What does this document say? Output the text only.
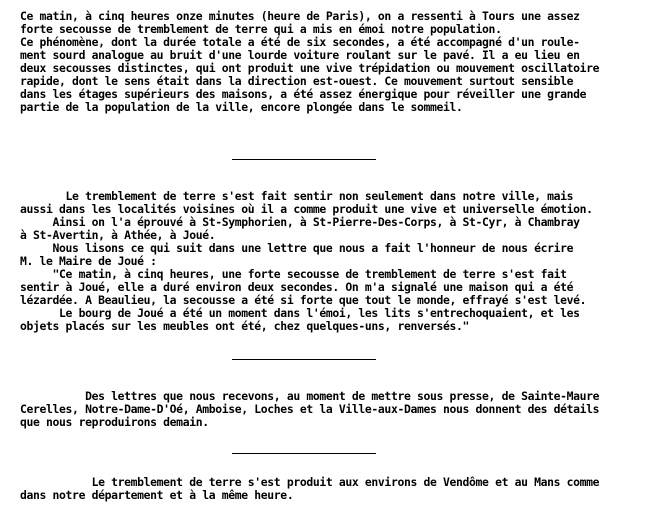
Ce matin, à cinq heures onze minutes (heure de Paris), on a ressenti à Tours une assez
forte secousse de tremblement de terre qui a mis en émoi notre population.
Ce phénomène, dont la durée totale a été de six secondes, a été accompagné d'un roule-
ment sourd analogue au bruit d'une lourde voiture roulant sur le pavé. Il a eu lieu en
deux secousses distinctes, qui ont produit une vive trépidation ou mouvement oscillatoire
rapide, dont le sens était dans la direction est-ouest. Ce mouvement surtout sensible
dans les étages supérieurs des maisons, a été assez énergique pour réveiller une grande
partie de la population de la ville, encore plongée dans le sommeil.
Le tremblement de terre s'est fait sentir non seulement dans notre ville, mais
aussi dans les localités voisines où il a comme produit une vive et universelle émotion.
Ainsi on l'a éprouvé à St-Symphorien, à St-Pierre-Des-Corps, à St-Cyr, à Chambray
à St-Avertin, à Athée, à Joué.
Nous lisons ce qui suit dans une lettre que nous a fait l'honneur de nous écrire
M. le Maire de Joué :
"Ce matin, à cinq heures, une forte secousse de tremblement de terre s'est fait
sentir à Joué, elle a duré environ deux secondes. On m'a signalé une maison qui a été
lézardée. A Beaulieu, la secousse a été si forte que tout le monde, effrayé s'est levé.
Le bourg de Joué a été un moment dans l'émoi, les lits s'entrechoquaient, et les
objets placés sur les meubles ont été, chez quelques-uns, renversés."
Des lettres que nous recevons, au moment de mettre sous presse, de Sainte-Maure
Cerelles, Notre-Dame-D'Oé, Amboise, Loches et la Ville-aux-Dames nous donnent des détails
que nous reproduirons demain.
Le tremblement de terre s'est produit aux environs de Vendôme et au Mans comme
dans notre département et à la même heure.
